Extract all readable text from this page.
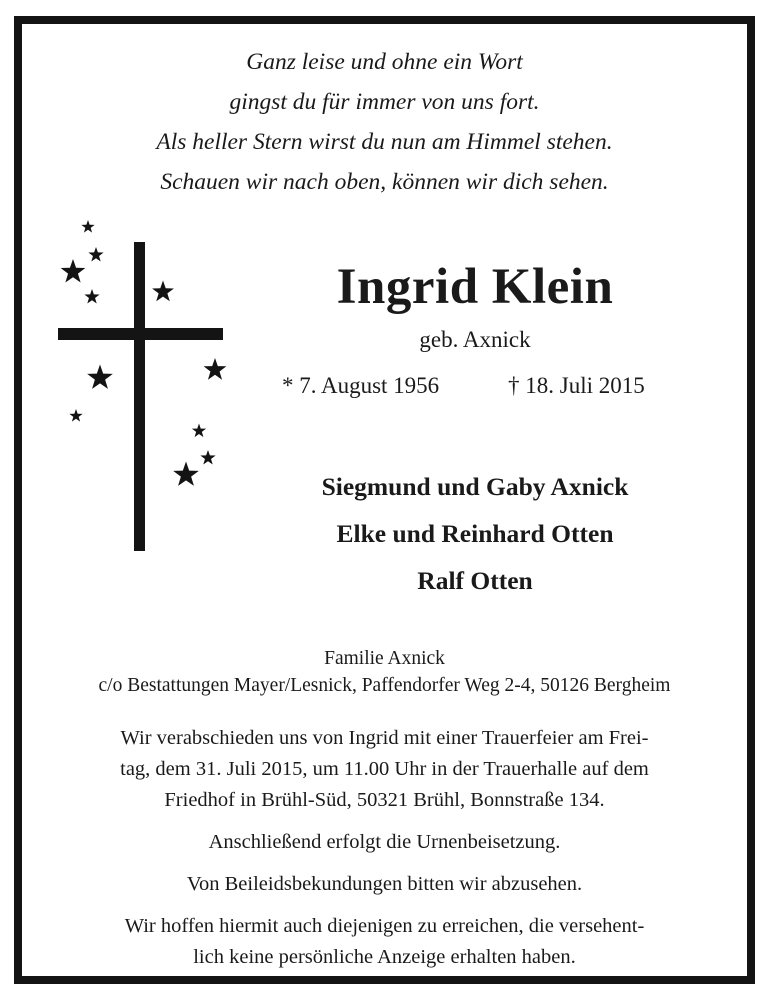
Ganz leise und ohne ein Wort
gingst du für immer von uns fort.
Als heller Stern wirst du nun am Himmel stehen.
Schauen wir nach oben, können wir dich sehen.
Ingrid Klein
geb. Axnick
* 7. August 1956	† 18. Juli 2015
Siegmund und Gaby Axnick
Elke und Reinhard Otten
Ralf Otten
Familie Axnick
c/o Bestattungen Mayer/Lesnick, Paffendorfer Weg 2-4, 50126 Bergheim
Wir verabschieden uns von Ingrid mit einer Trauerfeier am Frei-
tag, dem 31. Juli 2015, um 11.00 Uhr in der Trauerhalle auf dem
Friedhof in Brühl-Süd, 50321 Brühl, Bonnstraße 134.
Anschließend erfolgt die Urnenbeisetzung.
Von Beileidsbekundungen bitten wir abzusehen.
Wir hoffen hiermit auch diejenigen zu erreichen, die versehent-
lich keine persönliche Anzeige erhalten haben.
